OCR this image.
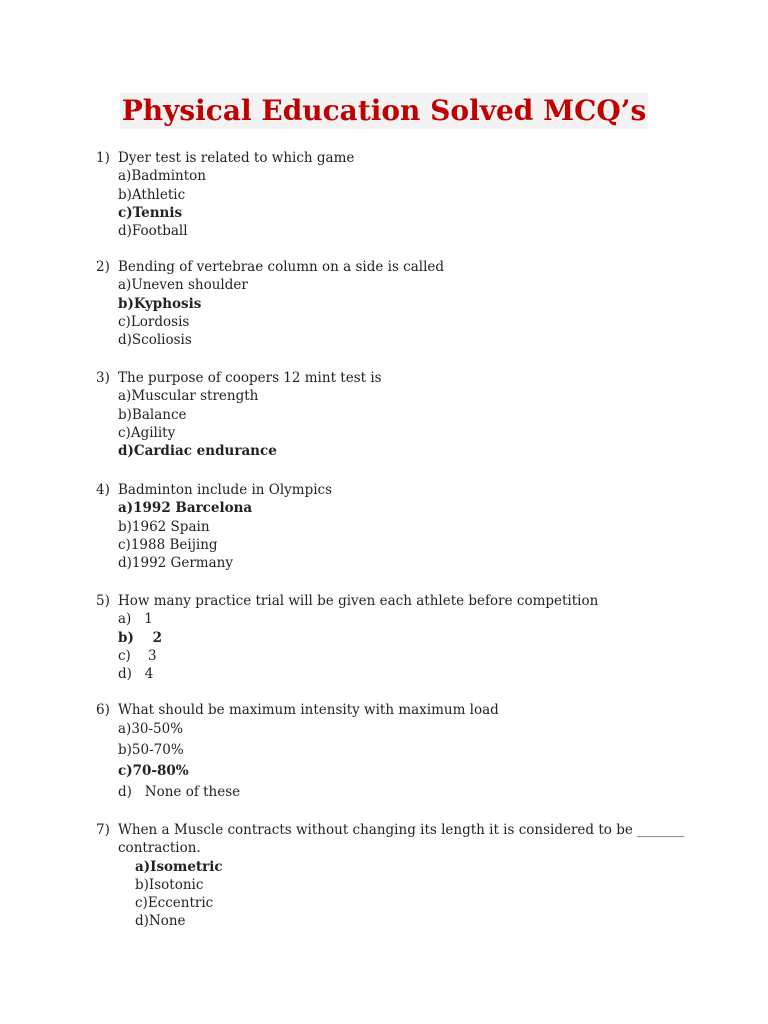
Physical Education Solved MCQ’s
1) Dyer test is related to which game
a)Badminton
b)Athletic
c)Tennis
d)Football
2) Bending of vertebrae column on a side is called
a)Uneven shoulder
b)Kyphosis
c)Lordosis
d)Scoliosis
3) The purpose of coopers 12 mint test is
a)Muscular strength
b)Balance
c)Agility
d)Cardiac endurance
4) Badminton include in Olympics
a)1992 Barcelona
b)1962 Spain
c)1988 Beijing
d)1992 Germany
5) How many practice trial will be given each athlete before competition
a)   1
b)    2
c)    3
d)   4
6) What should be maximum intensity with maximum load
a)30-50%
b)50-70%
c)70-80%
d)   None of these
7) When a Muscle contracts without changing its length it is considered to be _______
contraction.
a)Isometric
b)Isotonic
c)Eccentric
d)None
